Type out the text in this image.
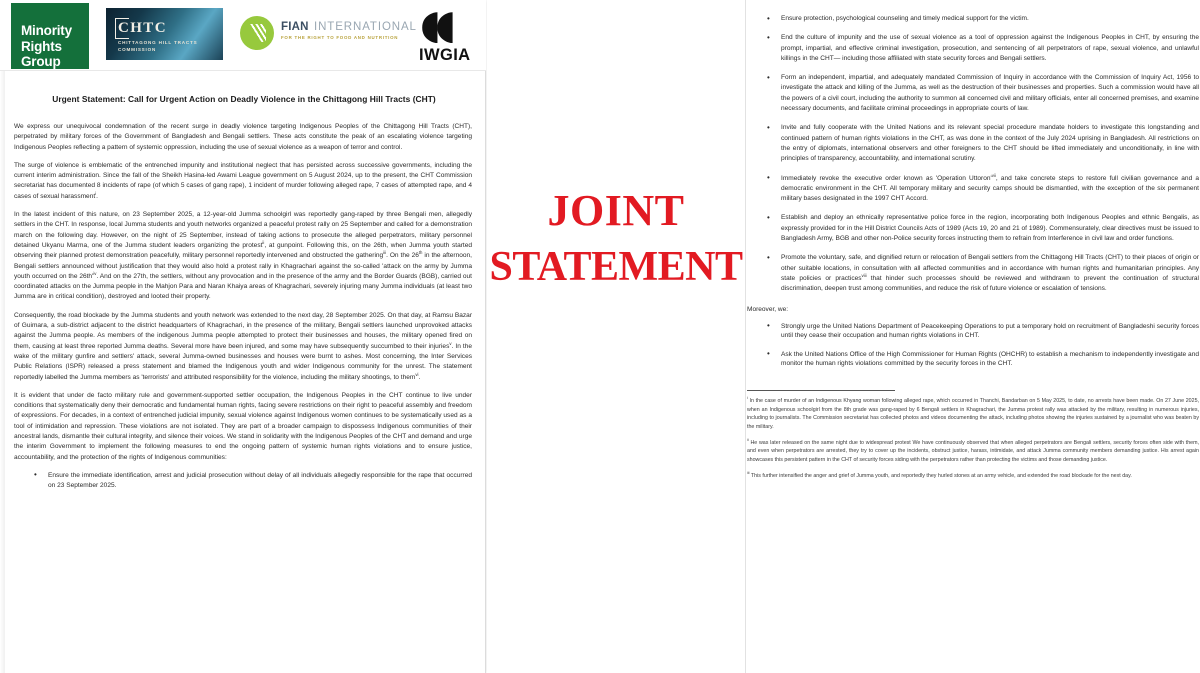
Minority
Rights
Group
CHTC
CHITTAGONG HILL TRACTS COMMISSION
FIAN INTERNATIONAL
FOR THE RIGHT TO FOOD AND NUTRITION ◖◖
IWGIA
Urgent Statement: Call for Urgent Action on Deadly Violence in the Chittagong Hill Tracts (CHT)

We express our unequivocal condemnation of the recent surge in deadly violence targeting Indigenous Peoples of the Chittagong Hill Tracts (CHT), perpetrated by military forces of the Government of Bangladesh and Bengali settlers. These acts constitute the peak of an escalating violence targeting Indigenous Peoples reflecting a pattern of systemic oppression, including the use of sexual violence as a weapon of terror and control.

The surge of violence is emblematic of the entrenched impunity and institutional neglect that has persisted across successive governments, including the current interim administration. Since the fall of the Sheikh Hasina-led Awami League government on 5 August 2024, up to the present, the CHT Commission secretariat has documented 8 incidents of rape (of which 5 cases of gang rape), 1 incident of murder following alleged rape, 7 cases of attempted rape, and 4 cases of sexual harassment$^i$.

In the latest incident of this nature, on 23 September 2025, a 12-year-old Jumma schoolgirl was reportedly gang-raped by three Bengali men, allegedly settlers in the CHT. In response, local Jumma students and youth networks organized a peaceful protest rally on 25 September and called for a demonstration march on the following day. However, on the night of 25 September, instead of taking actions to prosecute the alleged perpetrators, military personnel detained Ukyanu Marma, one of the Jumma student leaders organizing the protest$^{ii}$, at gunpoint. Following this, on the 26th, when Jumma youth started observing their planned protest demonstration peacefully, military personnel reportedly intervened and obstructed the gathering$^{iii}$. On the 26th in the afternoon, Bengali settlers announced without justification that they would also hold a protest rally in Khagrachari against the so-called 'attack on the army by Jumma youth occurred on the $26th'^{iv}$. And on the 27th, the settlers, without any provocation and in the presence of the army and the Border Guards (BGB), carried out coordinated attacks on the Jumma people in the Mahjon Para and Naran Khaiya areas of Khagrachari, severely injuring many Jumma individuals (at least two Jumma are in critical condition), destroyed and looted their property.

Consequently, the road blockade by the Jumma students and youth network was extended to the next day, 28 September 2025. On that day, at Ramsu Bazar of Guimara, a sub-district adjacent to the district headquarters of Khagrachari, in the presence of the military, Bengali settlers launched unprovoked attacks against the Jumma people. As members of the indigenous Jumma people attempted to protect their businesses and houses, the military opened fired on them, causing at least three reported Jumma deaths. Several more have been injured, and some may have subsequently succumbed to their injuries$^v$. In the wake of the military gunfire and settlers' attack, several Jumma-owned businesses and houses were burnt to ashes. Most concerning, the Inter Services Public Relations (ISPR) released a press statement and blamed the Indigenous youth and wider Indigenous community for the unrest. The statement reportedly labelled the Jumma members as 'terrorists' and attributed responsibility for the violence, including the military shootings, to them$^{vi}$.

It is evident that under de facto military rule and government-supported settler occupation, the Indigenous Peoples in the CHT continue to live under conditions that systematically deny their democratic and fundamental human rights, facing severe restrictions on their right to peaceful assembly and freedom of expressions. For decades, in a context of entrenched judicial impunity, sexual violence against Indigenous women continues to be systematically used as a tool of intimidation and repression. These violations are not isolated. They are part of a broader campaign to dispossess Indigenous communities of their ancestral lands, dismantle their cultural integrity, and silence their voices. We stand in solidarity with the Indigenous Peoples of the CHT and demand and urge the interim Government to implement the following measures to end the ongoing pattern of systemic human rights violations and to ensure justice, accountability, and the protection of the rights of Indigenous communities:

• Ensure the immediate identification, arrest and judicial prosecution without delay of all individuals allegedly responsible for the rape that occurred on 23 September 2025.
JOINT
STATEMENT
• Ensure protection, psychological counseling and timely medical support for the victim.
• End the culture of impunity and the use of sexual violence as a tool of oppression against the Indigenous Peoples in CHT, by ensuring the prompt, impartial, and effective criminal investigation, prosecution, and sentencing of all perpetrators of rape, sexual violence, and unlawful killings in the CHT— including those affiliated with state security forces and Bengali settlers.
• Form an independent, impartial, and adequately mandated Commission of Inquiry in accordance with the Commission of Inquiry Act, 1956 to investigate the attack and killing of the Jumma, as well as the destruction of their businesses and properties. Such a commission would have all the powers of a civil court, including the authority to summon all concerned civil and military officials, enter all concerned premises, and examine necessary documents, and facilitate criminal proceedings in appropriate courts of law.
• Invite and fully cooperate with the United Nations and its relevant special procedure mandate holders to investigate this longstanding and continued pattern of human rights violations in the CHT, as was done in the context of the July 2024 uprising in Bangladesh. All restrictions on the entry of diplomats, international observers and other foreigners to the CHT should be lifted immediately and unconditionally, in line with principles of transparency, accountability, and international scrutiny.
• Immediately revoke the executive order known as 'Operation $Uttoron'^{vii}$, and take concrete steps to restore full civilian governance and a democratic environment in the CHT. All temporary military and security camps should be dismantled, with the exception of the six permanent military bases designated in the 1997 CHT Accord.
• Establish and deploy an ethnically representative police force in the region, incorporating both Indigenous Peoples and ethnic Bengalis, as expressly provided for in the Hill District Councils Acts of 1989 (Acts 19, 20 and 21 of 1989). Commensurately, clear directives must be issued to Bangladesh Army, BGB and other non-Police security forces instructing them to refrain from Interference in civil law and order functions.
• Promote the voluntary, safe, and dignified return or relocation of Bengali settlers from the Chittagong Hill Tracts (CHT) to their places of origin or other suitable locations, in consultation with all affected communities and in accordance with human rights and humanitarian principles. Any state policies or practices$^{viii}$ that hinder such processes should be reviewed and withdrawn to prevent the continuation of structural discrimination, deepen trust among communities, and reduce the risk of future violence or escalation of tensions.
Moreover, we:
• Strongly urge the United Nations Department of Peacekeeping Operations to put a temporary hold on recruitment of Bangladeshi security forces until they cease their occupation and human rights violations in CHT.
• Ask the United Nations Office of the High Commissioner for Human Rights (OHCHR) to establish a mechanism to independently investigate and monitor the human rights violations committed by the security forces in the CHT.

$^i$ In the case of murder of an Indigenous Khyang woman following alleged rape, which occurred in Thanchi, Bandarban on 5 May 2025, to date, no arrests have been made. On 27 June 2025, when an Indigenous schoolgirl from the 8th grade was gang-raped by 6 Bengali settlers in Khagrachari, the Jumma protest rally was attacked by the military, resulting in numerous injuries, including to journalists. The Commission secretariat has collected photos and videos documenting the attack, including photos showing the injuries sustained by a journalist who was beaten by the military.

$^{ii}$ He was later released on the same night due to widespread protest We have continuously observed that when alleged perpetrators are Bengali settlers, security forces often side with them, and even when perpetrators are arrested, they try to cover up the incidents, obstruct justice, harass, intimidate, and attack Jumma community members demanding justice. His arrest again showcases this persistent pattern in the CHT of security forces siding with the perpetrators rather than protecting the victims and those demanding justice.

$^{iii}$ This further intensified the anger and grief of Jumma youth, and reportedly they hurled stones at an army vehicle, and extended the road blockade for the next day.
